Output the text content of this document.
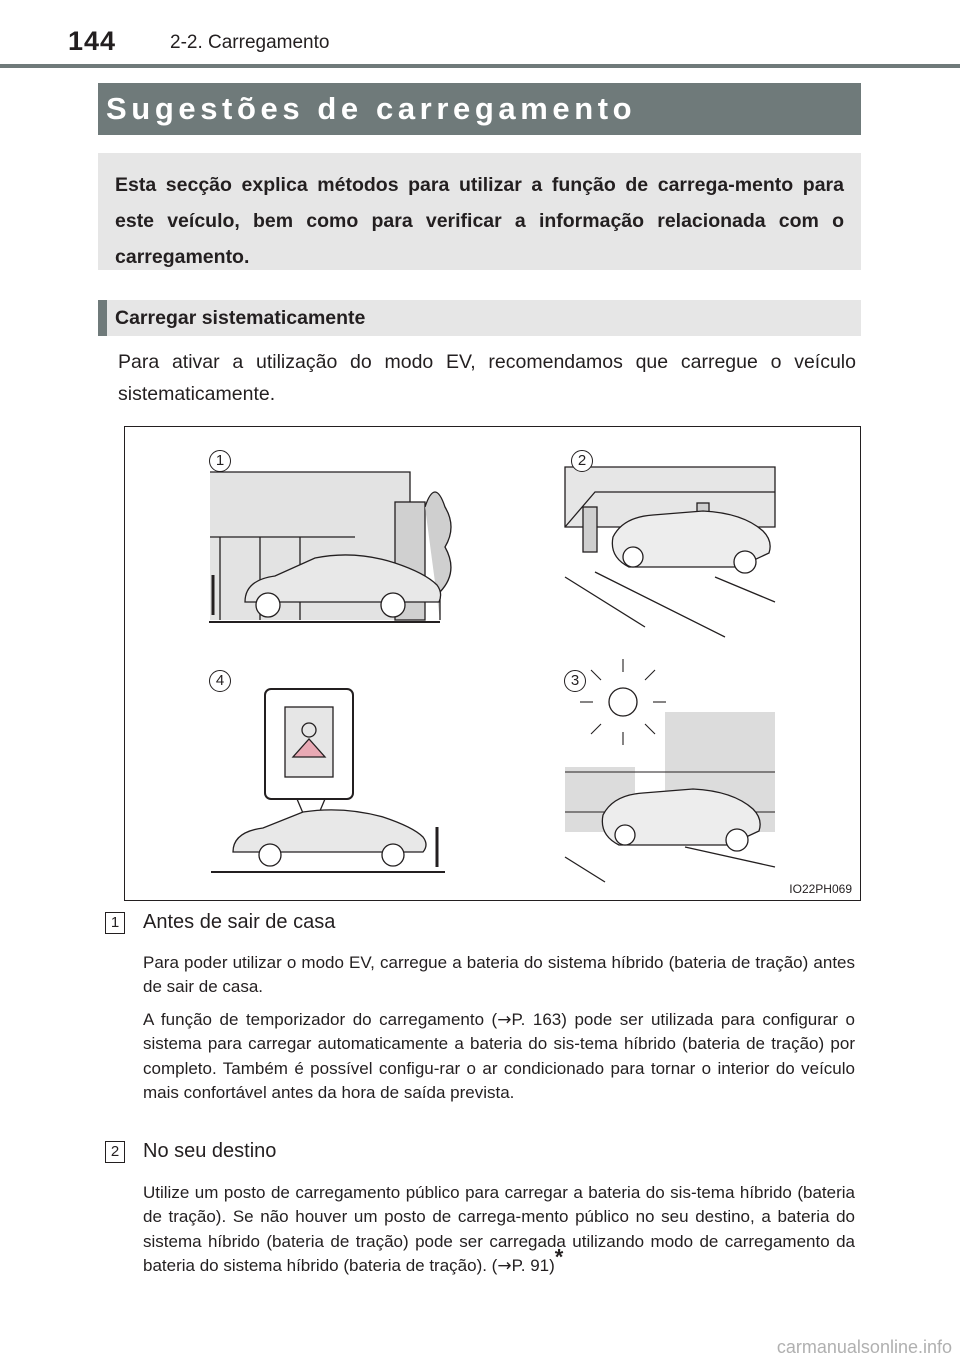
144	2-2. Carregamento
Sugestões de carregamento

Esta secção explica métodos para utilizar a função de carrega-mento para este veículo, bem como para verificar a informação relacionada com o carregamento.

Carregar sistematicamente

Para ativar a utilização do modo EV, recomendamos que carregue o veículo sistematicamente.

1	2
3
4
IO22PH069
1 Antes de sair de casa

Para poder utilizar o modo EV, carregue a bateria do sistema híbrido (bateria de tração) antes de sair de casa.

A função de temporizador do carregamento (→P. 163) pode ser utilizada para configurar o sistema para carregar automaticamente a bateria do sis-tema híbrido (bateria de tração) por completo. Também é possível configu-rar o ar condicionado para tornar o interior do veículo mais confortável antes da hora de saída prevista.

2 No seu destino

Utilize um posto de carregamento público para carregar a bateria do sis-tema híbrido (bateria de tração). Se não houver um posto de carrega-mento público no seu destino, a bateria do sistema híbrido (bateria de tração) pode ser carregada utilizando modo de carregamento da bateria do sistema híbrido (bateria de tração). (→P. 91)*

carmanualsonline.info
